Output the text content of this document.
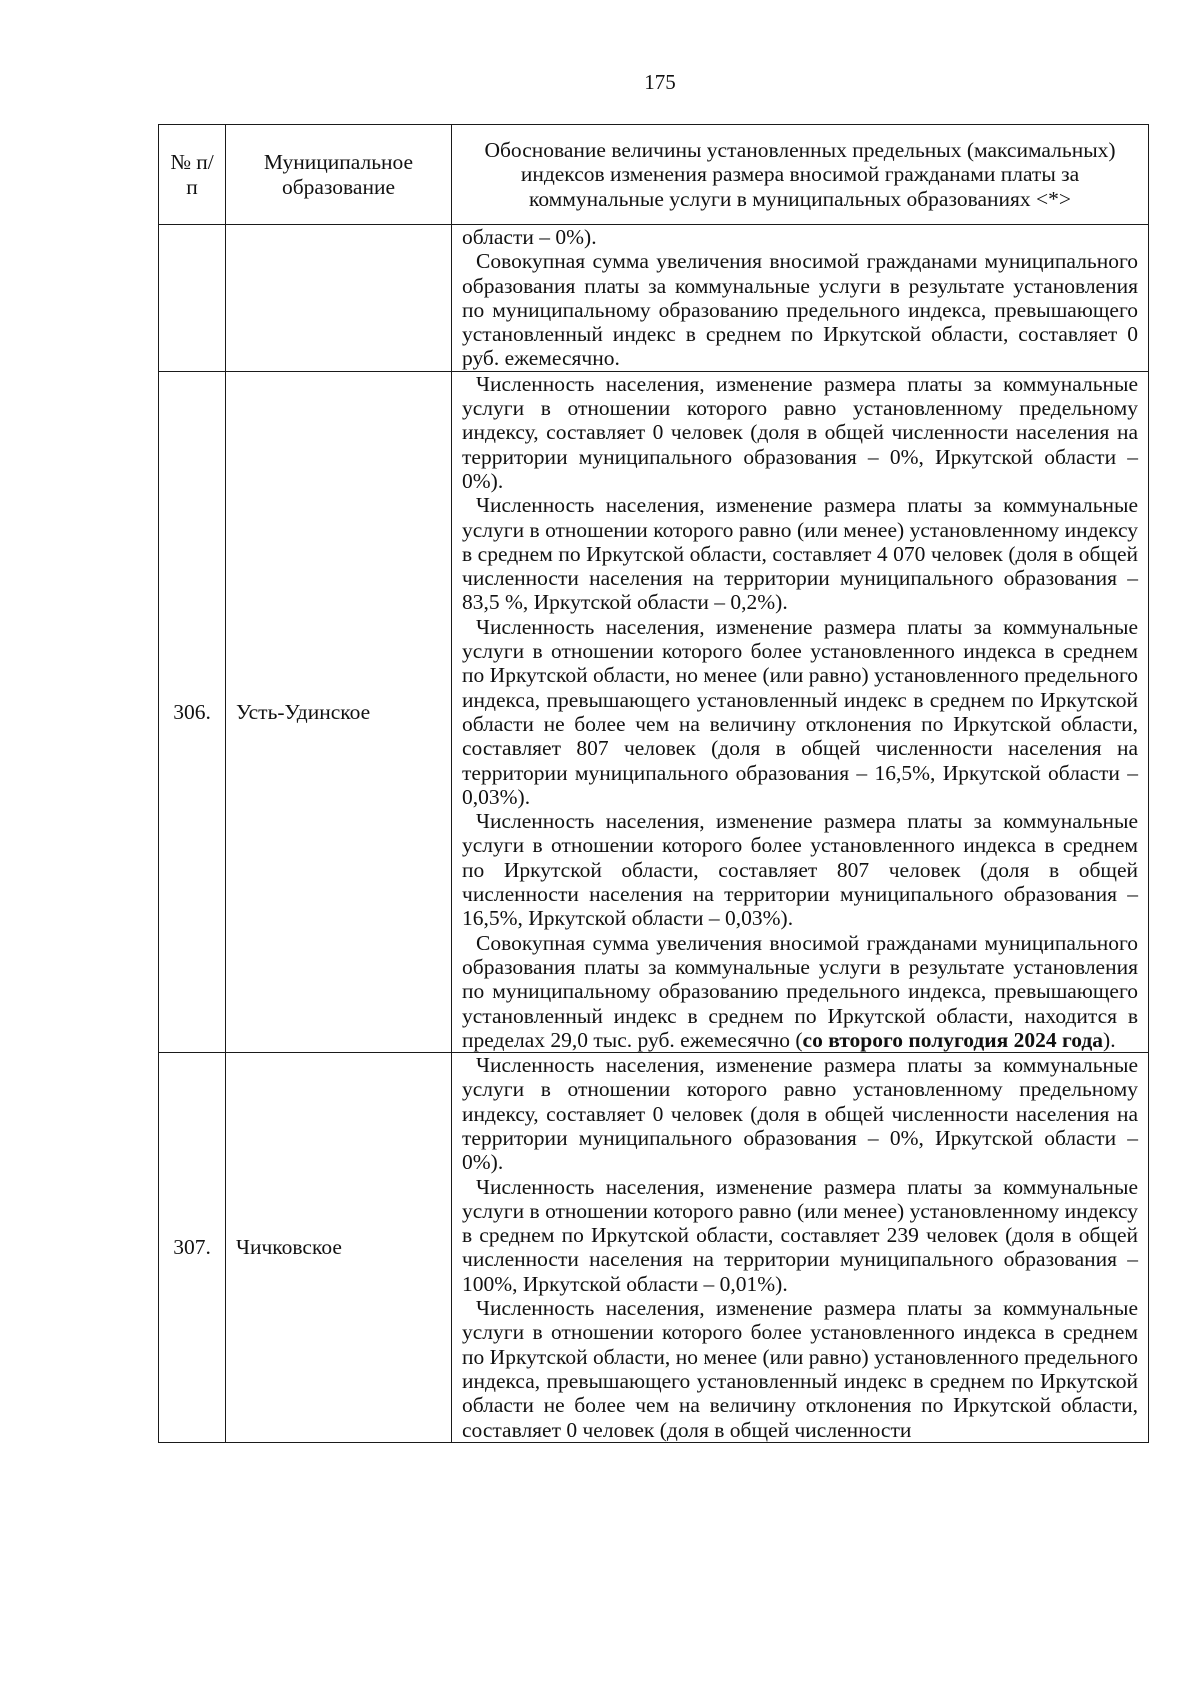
175
№ п/п	Муниципальное образование	Обоснование величины установленных предельных (максимальных) индексов изменения размера вносимой гражданами платы за коммунальные услуги в муниципальных образованиях <*>

		области – 0%).

Совокупная сумма увеличения вносимой гражданами муниципального образования платы за коммунальные услуги в результате установления по муниципальному образованию предельного индекса, превышающего установленный индекс в среднем по Иркутской области, составляет 0 руб. ежемесячно.

306.	Усть-Удинское	Численность населения, изменение размера платы за коммунальные услуги в отношении которого равно установленному предельному индексу, составляет 0 человек (доля в общей численности населения на территории муниципального образования – 0%, Иркутской области – 0%).

Численность населения, изменение размера платы за коммунальные услуги в отношении которого равно (или менее) установленному индексу в среднем по Иркутской области, составляет 4 070 человек (доля в общей численности населения на территории муниципального образования – 83,5 %, Иркутской области – 0,2%).

Численность населения, изменение размера платы за коммунальные услуги в отношении которого более установленного индекса в среднем по Иркутской области, но менее (или равно) установленного предельного индекса, превышающего установленный индекс в среднем по Иркутской области не более чем на величину отклонения по Иркутской области, составляет 807 человек (доля в общей численности населения на территории муниципального образования – 16,5%, Иркутской области – 0,03%).

Численность населения, изменение размера платы за коммунальные услуги в отношении которого более установленного индекса в среднем по Иркутской области, составляет 807 человек (доля в общей численности населения на территории муниципального образования – 16,5%, Иркутской области – 0,03%).

Совокупная сумма увеличения вносимой гражданами муниципального образования платы за коммунальные услуги в результате установления по муниципальному образованию предельного индекса, превышающего установленный индекс в среднем по Иркутской области, находится в пределах 29,0 тыс. руб. ежемесячно (со второго полугодия 2024 года).

307.	Чичковское	Численность населения, изменение размера платы за коммунальные услуги в отношении которого равно установленному предельному индексу, составляет 0 человек (доля в общей численности населения на территории муниципального образования – 0%, Иркутской области – 0%).

Численность населения, изменение размера платы за коммунальные услуги в отношении которого равно (или менее) установленному индексу в среднем по Иркутской области, составляет 239 человек (доля в общей численности населения на территории муниципального образования – 100%, Иркутской области – 0,01%).

Численность населения, изменение размера платы за коммунальные услуги в отношении которого более установленного индекса в среднем по Иркутской области, но менее (или равно) установленного предельного индекса, превышающего установленный индекс в среднем по Иркутской области не более чем на величину отклонения по Иркутской области, составляет 0 человек (доля в общей численности
